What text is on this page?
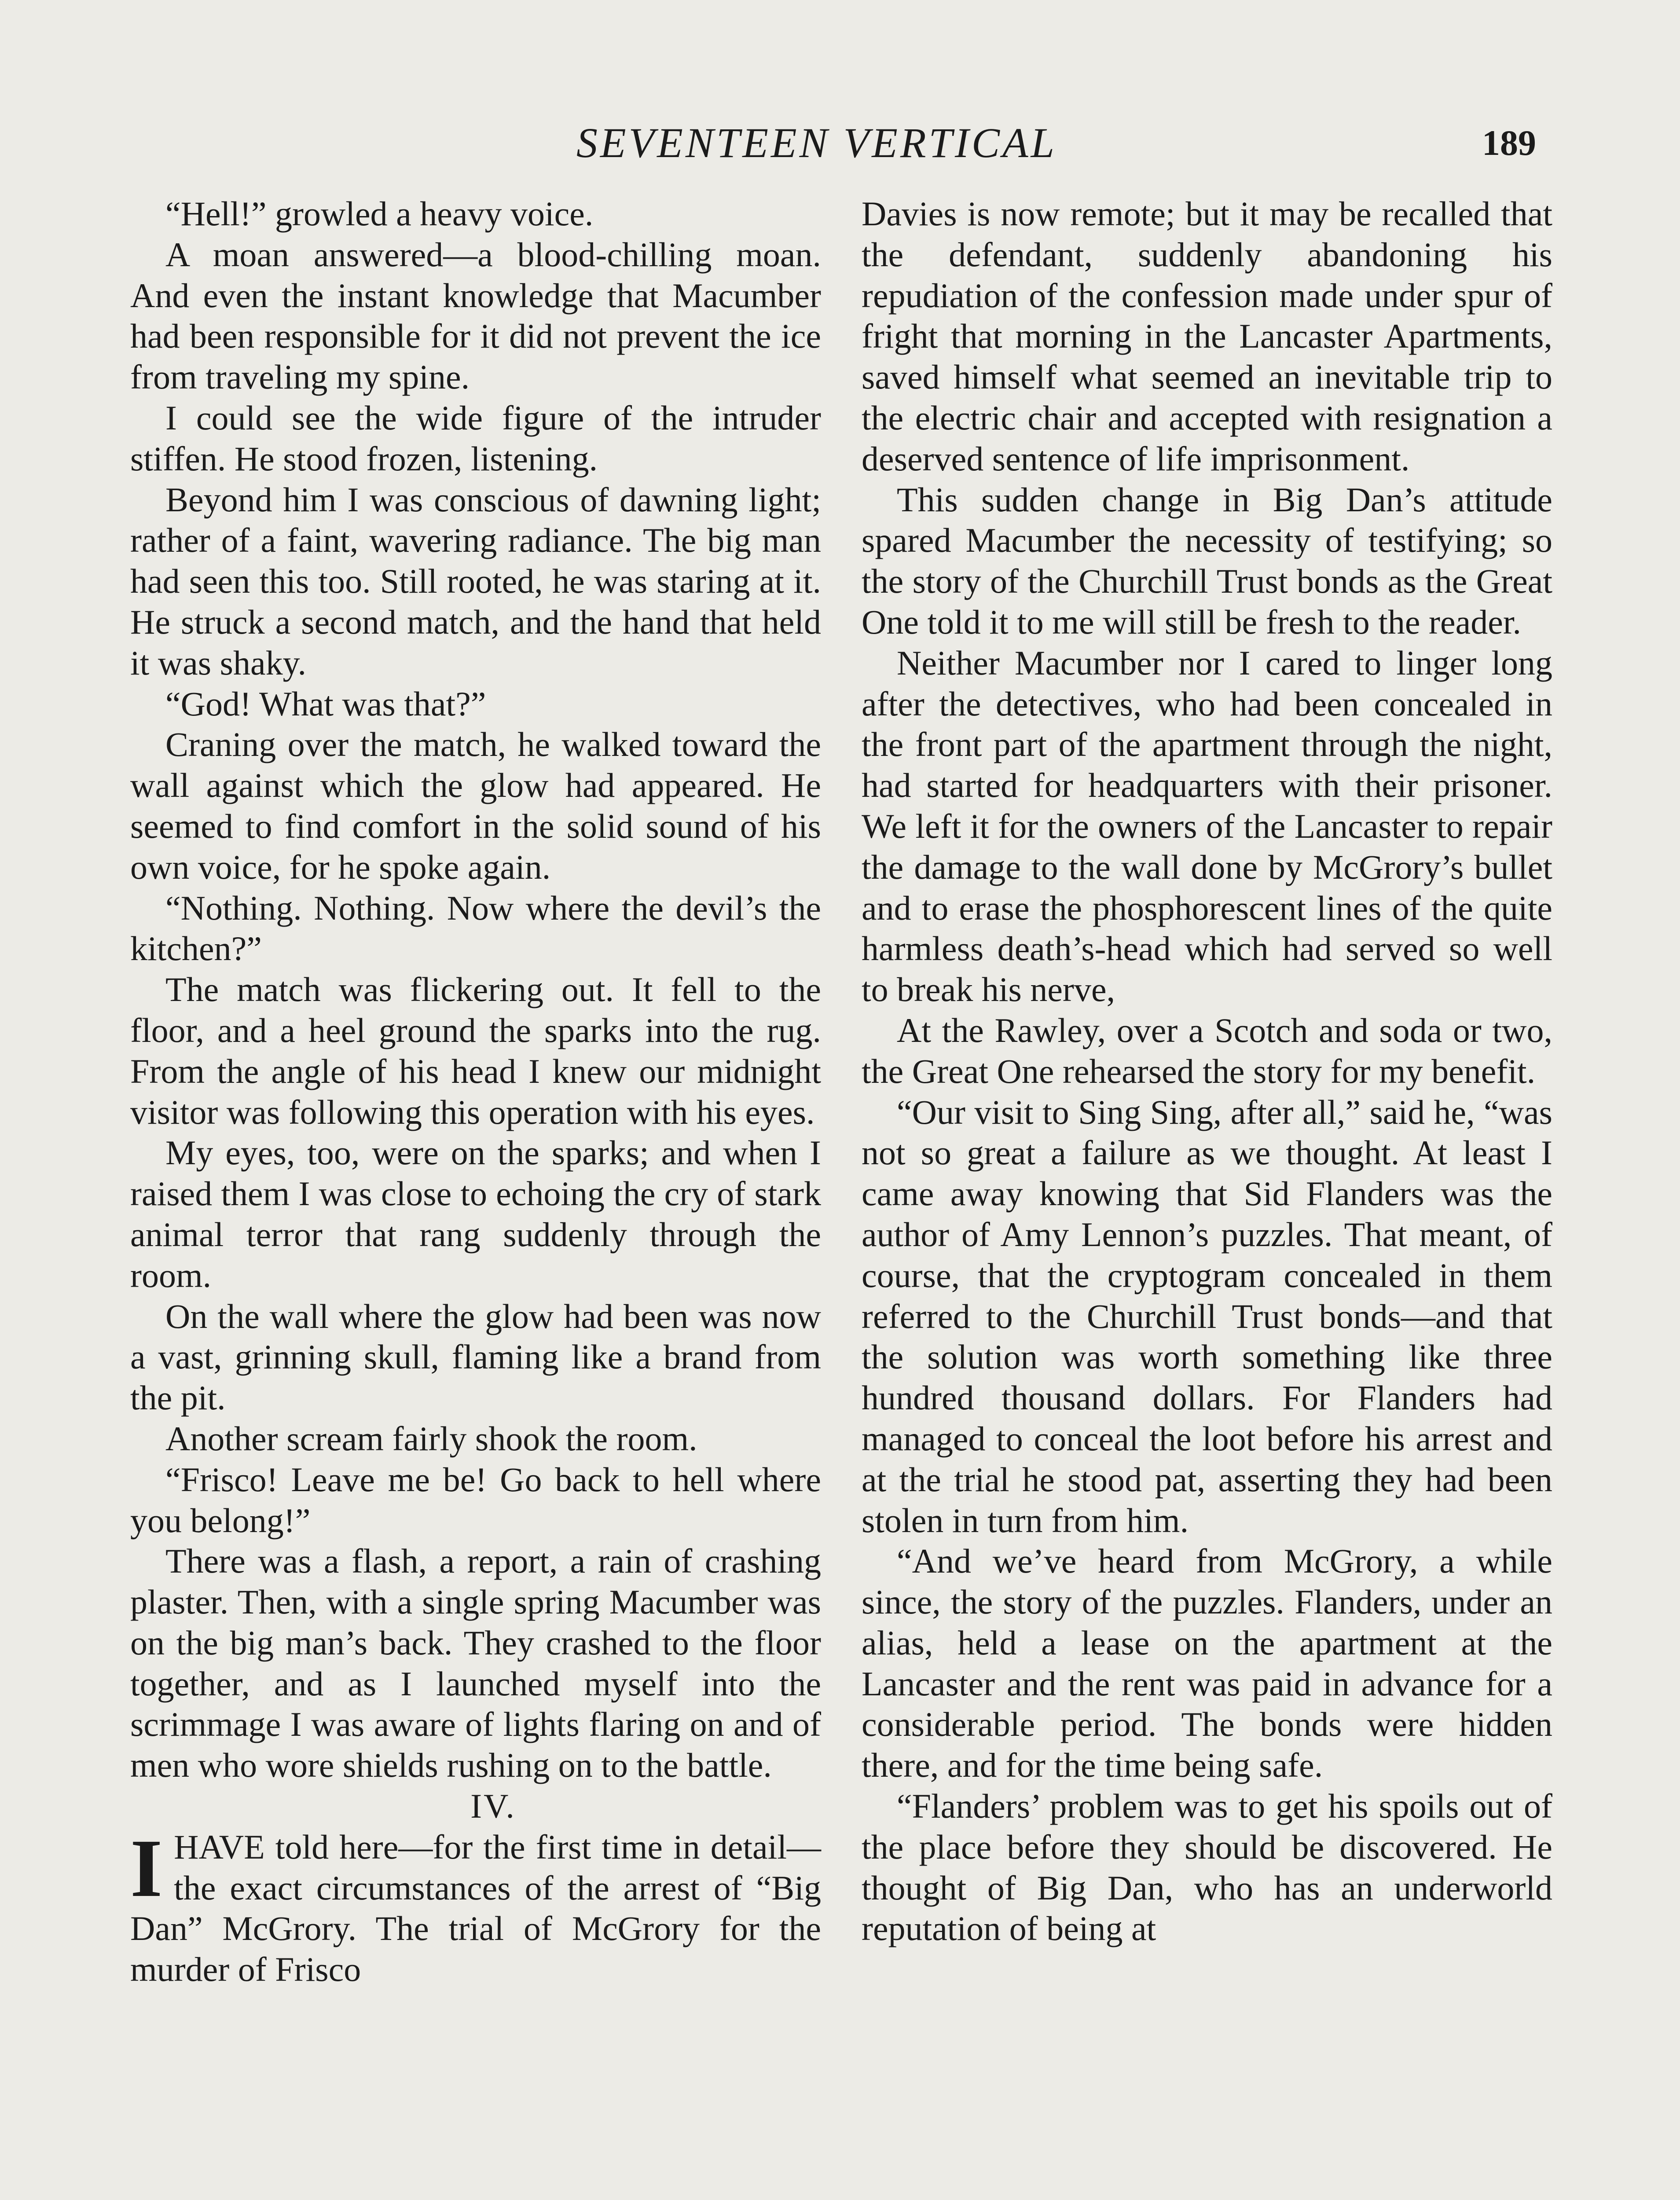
SEVENTEEN VERTICAL	189

“Hell!” growled a heavy voice.

A moan answered—a blood-chilling moan. And even the instant knowledge that Macumber had been responsible for it did not prevent the ice from traveling my spine.

I could see the wide figure of the intruder stiffen. He stood frozen, listening.

Beyond him I was conscious of dawning light; rather of a faint, wavering radiance. The big man had seen this too. Still rooted, he was staring at it. He struck a second match, and the hand that held it was shaky.

“God! What was that?”

Craning over the match, he walked toward the wall against which the glow had appeared. He seemed to find comfort in the solid sound of his own voice, for he spoke again.

“Nothing. Nothing. Now where the devil’s the kitchen?”

The match was flickering out. It fell to the floor, and a heel ground the sparks into the rug. From the angle of his head I knew our midnight visitor was following this operation with his eyes.

My eyes, too, were on the sparks; and when I raised them I was close to echoing the cry of stark animal terror that rang suddenly through the room.

On the wall where the glow had been was now a vast, grinning skull, flaming like a brand from the pit.

Another scream fairly shook the room.

“Frisco! Leave me be! Go back to hell where you belong!”

There was a flash, a report, a rain of crashing plaster. Then, with a single spring Macumber was on the big man’s back. They crashed to the floor together, and as I launched myself into the scrimmage I was aware of lights flaring on and of men who wore shields rushing on to the battle.

IV.

IHAVE told here—for the first time in detail—the exact circumstances of the arrest of “Big Dan” McGrory. The trial of McGrory for the murder of Frisco

Davies is now remote; but it may be recalled that the defendant, suddenly abandoning his repudiation of the confession made under spur of fright that morning in the Lancaster Apartments, saved himself what seemed an inevitable trip to the electric chair and accepted with resignation a deserved sentence of life imprisonment.

This sudden change in Big Dan’s attitude spared Macumber the necessity of testifying; so the story of the Churchill Trust bonds as the Great One told it to me will still be fresh to the reader.

Neither Macumber nor I cared to linger long after the detectives, who had been concealed in the front part of the apartment through the night, had started for headquarters with their prisoner. We left it for the owners of the Lancaster to repair the damage to the wall done by McGrory’s bullet and to erase the phosphorescent lines of the quite harmless death’s-head which had served so well to break his nerve,

At the Rawley, over a Scotch and soda or two, the Great One rehearsed the story for my benefit.

“Our visit to Sing Sing, after all,” said he, “was not so great a failure as we thought. At least I came away knowing that Sid Flanders was the author of Amy Lennon’s puzzles. That meant, of course, that the cryptogram concealed in them referred to the Churchill Trust bonds—and that the solution was worth something like three hundred thousand dollars. For Flanders had managed to conceal the loot before his arrest and at the trial he stood pat, asserting they had been stolen in turn from him.

“And we’ve heard from McGrory, a while since, the story of the puzzles. Flanders, under an alias, held a lease on the apartment at the Lancaster and the rent was paid in advance for a considerable period. The bonds were hidden there, and for the time being safe.

“Flanders’ problem was to get his spoils out of the place before they should be discovered. He thought of Big Dan, who has an underworld reputation of being at
